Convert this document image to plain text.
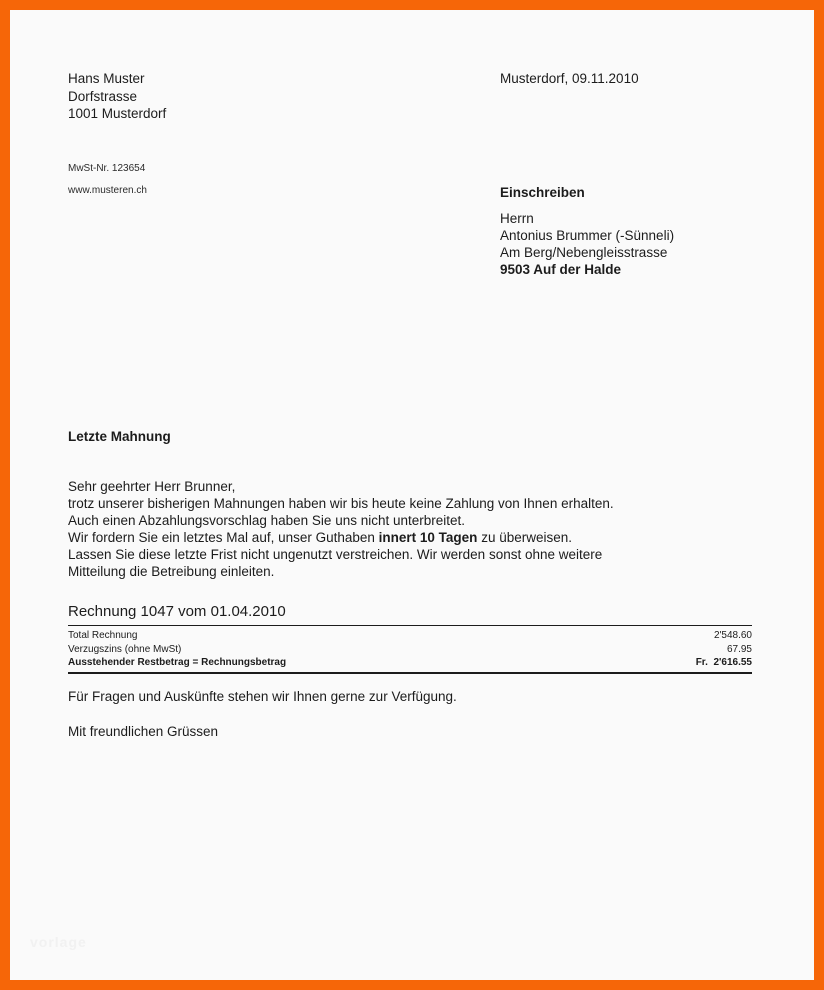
Hans Muster
Dorfstrasse
1001 Musterdorf
Musterdorf, 09.11.2010
MwSt-Nr. 123654
www.musteren.ch	Einschreiben
Herrn
Antonius Brummer (-Sünneli)
Am Berg/Nebengleisstrasse
9503 Auf der Halde
Letzte Mahnung
Sehr geehrter Herr Brunner,
trotz unserer bisherigen Mahnungen haben wir bis heute keine Zahlung von Ihnen erhalten.
Auch einen Abzahlungsvorschlag haben Sie uns nicht unterbreitet.
Wir fordern Sie ein letztes Mal auf, unser Guthaben innert 10 Tagen zu überweisen.
Lassen Sie diese letzte Frist nicht ungenutzt verstreichen. Wir werden sonst ohne weitere
Mitteilung die Betreibung einleiten.
Rechnung 1047 vom 01.04.2010
Total Rechnung	2'548.60
Verzugszins (ohne MwSt)	67.95
Ausstehender Restbetrag = Rechnungsbetrag	Fr.  2'616.55
Für Fragen und Auskünfte stehen wir Ihnen gerne zur Verfügung.
Mit freundlichen Grüssen
vorlage
